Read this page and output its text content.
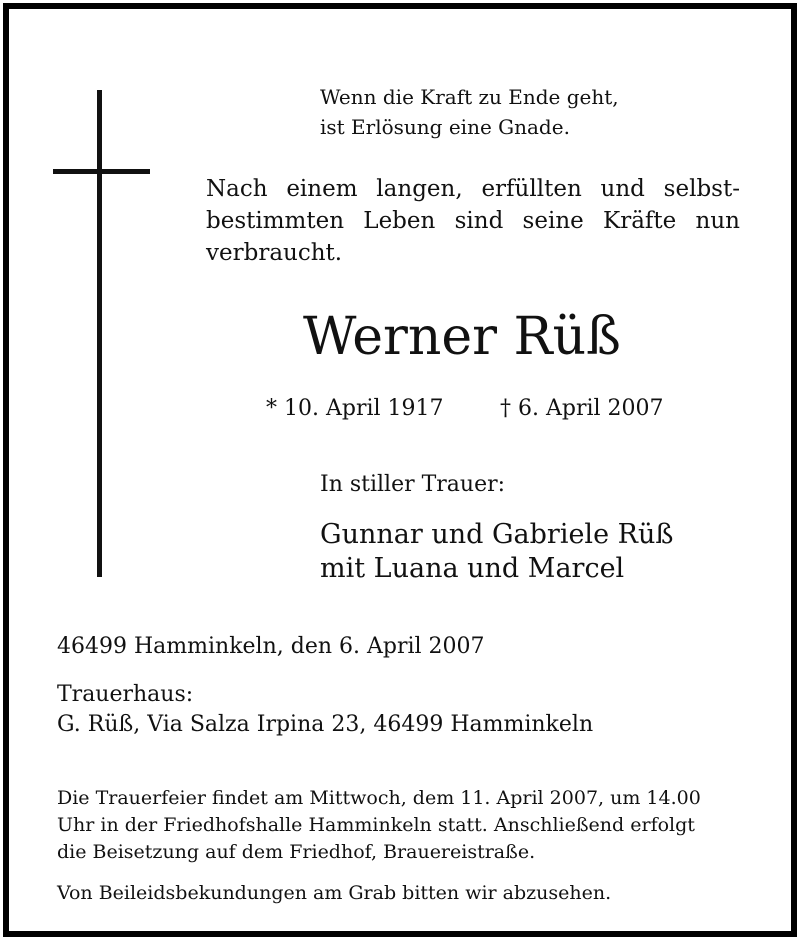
Wenn die Kraft zu Ende geht,
ist Erlösung eine Gnade.
Nach einem langen, erfüllten und selbst-
bestimmten Leben sind seine Kräfte nun
verbraucht.
Werner Rüß
* 10. April 1917	† 6. April 2007
In stiller Trauer:
Gunnar und Gabriele Rüß
mit Luana und Marcel
46499 Hamminkeln, den 6. April 2007
Trauerhaus:
G. Rüß, Via Salza Irpina 23, 46499 Hamminkeln
Die Trauerfeier findet am Mittwoch, dem 11. April 2007, um 14.00
Uhr in der Friedhofshalle Hamminkeln statt. Anschließend erfolgt
die Beisetzung auf dem Friedhof, Brauereistraße.
Von Beileidsbekundungen am Grab bitten wir abzusehen.
